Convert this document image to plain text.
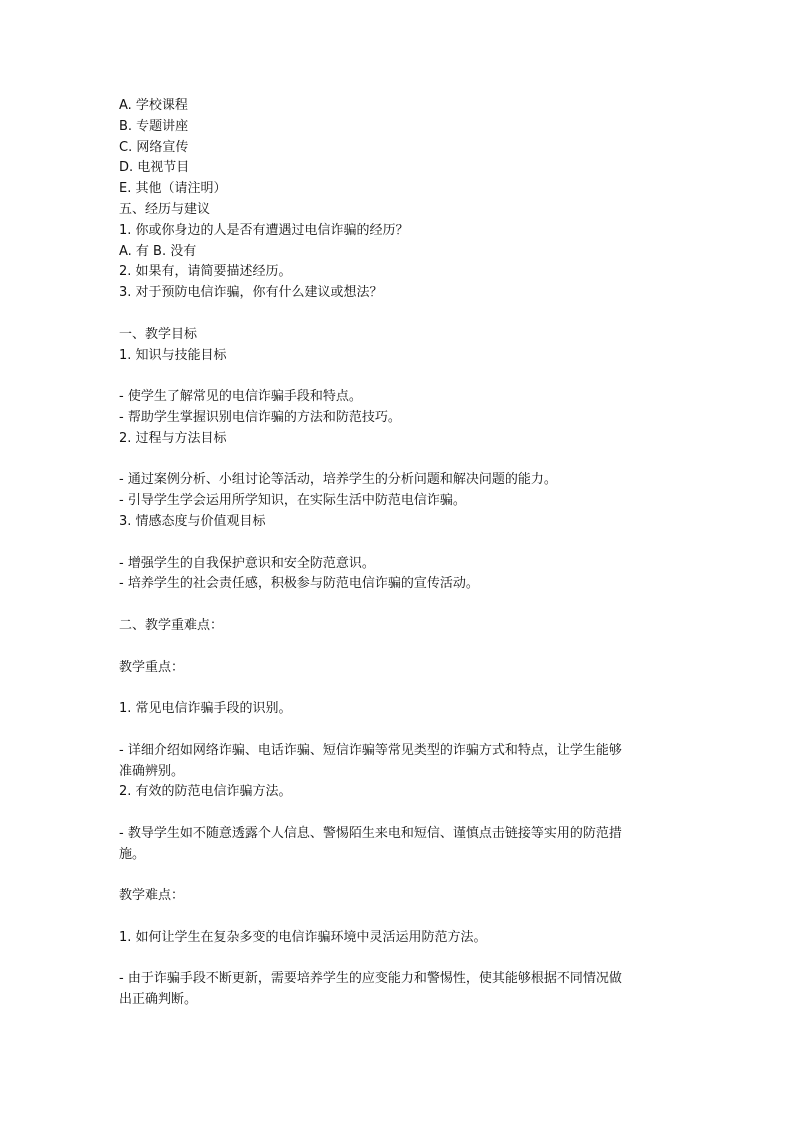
A. 学校课程

B. 专题讲座

C. 网络宣传

D. 电视节目

E. 其他（请注明）

五、经历与建议

1. 你或你身边的人是否有遭遇过电信诈骗的经历？

A. 有 B. 没有

2. 如果有，请简要描述经历。

3. 对于预防电信诈骗，你有什么建议或想法？

一、教学目标

1. 知识与技能目标

- 使学生了解常见的电信诈骗手段和特点。

- 帮助学生掌握识别电信诈骗的方法和防范技巧。

2. 过程与方法目标

- 通过案例分析、小组讨论等活动，培养学生的分析问题和解决问题的能力。

- 引导学生学会运用所学知识，在实际生活中防范电信诈骗。

3. 情感态度与价值观目标

- 增强学生的自我保护意识和安全防范意识。

- 培养学生的社会责任感，积极参与防范电信诈骗的宣传活动。

二、教学重难点：

教学重点：

1. 常见电信诈骗手段的识别。

- 详细介绍如网络诈骗、电话诈骗、短信诈骗等常见类型的诈骗方式和特点，让学生能够

准确辨别。

2. 有效的防范电信诈骗方法。

- 教导学生如不随意透露个人信息、警惕陌生来电和短信、谨慎点击链接等实用的防范措

施。

教学难点：

1. 如何让学生在复杂多变的电信诈骗环境中灵活运用防范方法。

- 由于诈骗手段不断更新，需要培养学生的应变能力和警惕性，使其能够根据不同情况做

出正确判断。
